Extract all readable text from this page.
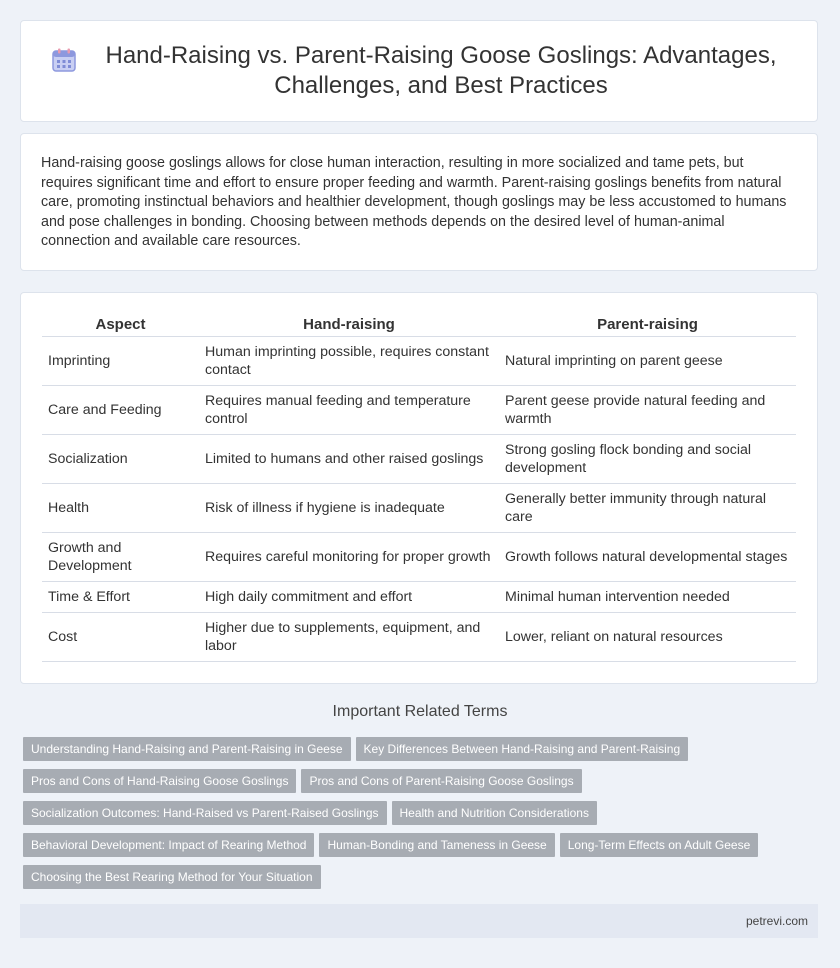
Hand-Raising vs. Parent-Raising Goose Goslings: Advantages, Challenges, and Best Practices

Hand-raising goose goslings allows for close human interaction, resulting in more socialized and tame pets, but requires significant time and effort to ensure proper feeding and warmth. Parent-raising goslings benefits from natural care, promoting instinctual behaviors and healthier development, though goslings may be less accustomed to humans and pose challenges in bonding. Choosing between methods depends on the desired level of human-animal connection and available care resources.

Aspect	Hand-raising	Parent-raising
Imprinting	Human imprinting possible, requires constant contact	Natural imprinting on parent geese
Care and Feeding	Requires manual feeding and temperature control	Parent geese provide natural feeding and warmth
Socialization	Limited to humans and other raised goslings	Strong gosling flock bonding and social development
Health	Risk of illness if hygiene is inadequate	Generally better immunity through natural care
Growth and Development	Requires careful monitoring for proper growth	Growth follows natural developmental stages
Time & Effort	High daily commitment and effort	Minimal human intervention needed
Cost	Higher due to supplements, equipment, and labor	Lower, reliant on natural resources
Important Related Terms
Understanding Hand-Raising and Parent-Raising in Geese Key Differences Between Hand-Raising and Parent-Raising
Pros and Cons of Hand-Raising Goose Goslings Pros and Cons of Parent-Raising Goose Goslings
Socialization Outcomes: Hand-Raised vs Parent-Raised Goslings Health and Nutrition Considerations
Behavioral Development: Impact of Rearing Method Human-Bonding and Tameness in Geese Long-Term Effects on Adult Geese
Choosing the Best Rearing Method for Your Situation
petrevi.com
